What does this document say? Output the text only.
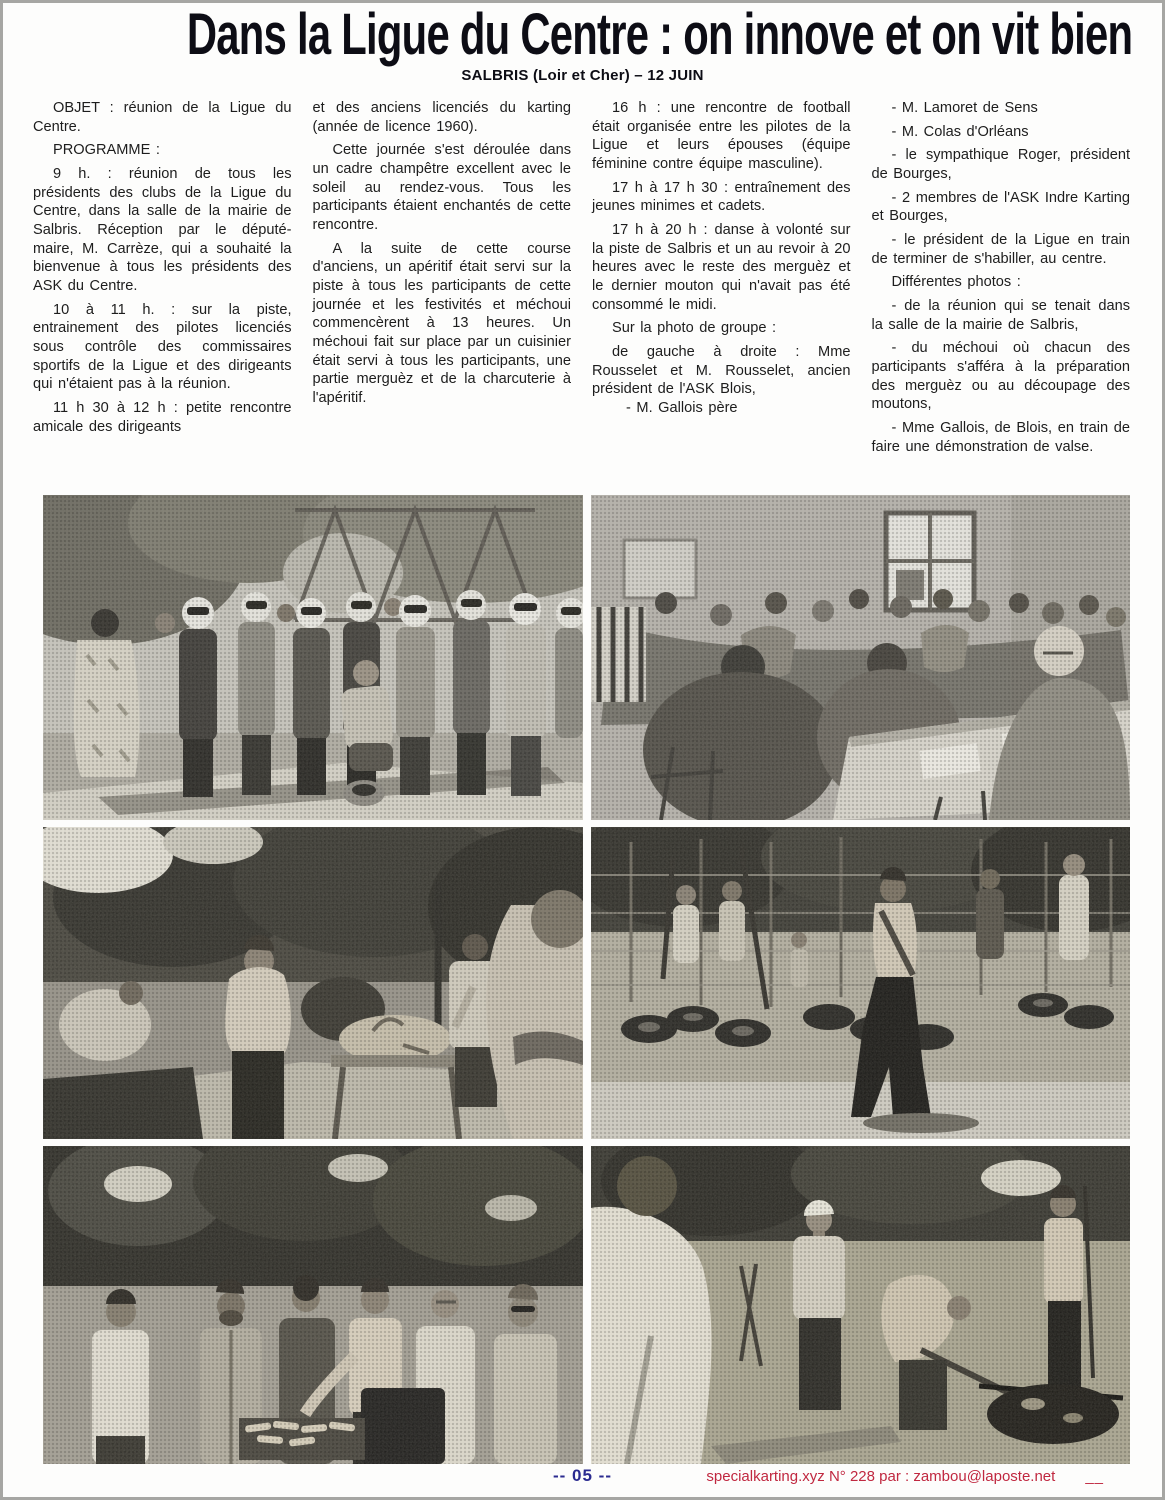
Dans la Ligue du Centre : on innove et on vit bien
SALBRIS (Loir et Cher) – 12 JUIN

OBJET : réunion de la Ligue du Centre.

PROGRAMME :

9 h. : réunion de tous les présidents des clubs de la Ligue du Centre, dans la salle de la mairie de Salbris. Réception par le député-maire, M. Carrèze, qui a souhaité la bienvenue à tous les présidents des ASK du Centre.

10 à 11 h. : sur la piste, entrainement des pilotes licenciés sous contrôle des commissaires sportifs de la Ligue et des dirigeants qui n'étaient pas à la réunion.

11 h 30 à 12 h : petite rencontre amicale des dirigeants

et des anciens licenciés du karting (année de licence 1960).

Cette journée s'est déroulée dans un cadre champêtre excellent avec le soleil au rendez-vous. Tous les participants étaient enchantés de cette rencontre.

A la suite de cette course d'anciens, un apéritif était servi sur la piste à tous les participants de cette journée et les festivités et méchoui commencèrent à 13 heures. Un méchoui fait sur place par un cuisinier était servi à tous les participants, une partie merguèz et de la charcuterie à l'apéritif.

16 h : une rencontre de football était organisée entre les pilotes de la Ligue et leurs épouses (équipe féminine contre équipe masculine).

17 h à 17 h 30 : entraînement des jeunes minimes et cadets.

17 h à 20 h : danse à volonté sur la piste de Salbris et un au revoir à 20 heures avec le reste des merguèz et le dernier mouton qui n'avait pas été consommé le midi.

Sur la photo de groupe :

de gauche à droite : Mme Rousselet et M. Rousselet, ancien président de l'ASK Blois,

- M. Gallois père

- M. Lamoret de Sens

- M. Colas d'Orléans

- le sympathique Roger, président de Bourges,

- 2 membres de l'ASK Indre Karting et Bourges,

- le président de la Ligue en train de terminer de s'habiller, au centre.

Différentes photos :

- de la réunion qui se tenait dans la salle de la mairie de Salbris,

- du méchoui où chacun des participants s'afféra à la préparation des merguèz ou au découpage des moutons,

- Mme Gallois, de Blois, en train de faire une démonstration de valse.

-- 05 --	specialkarting.xyz N° 228 par : zambou@laposte.net __
